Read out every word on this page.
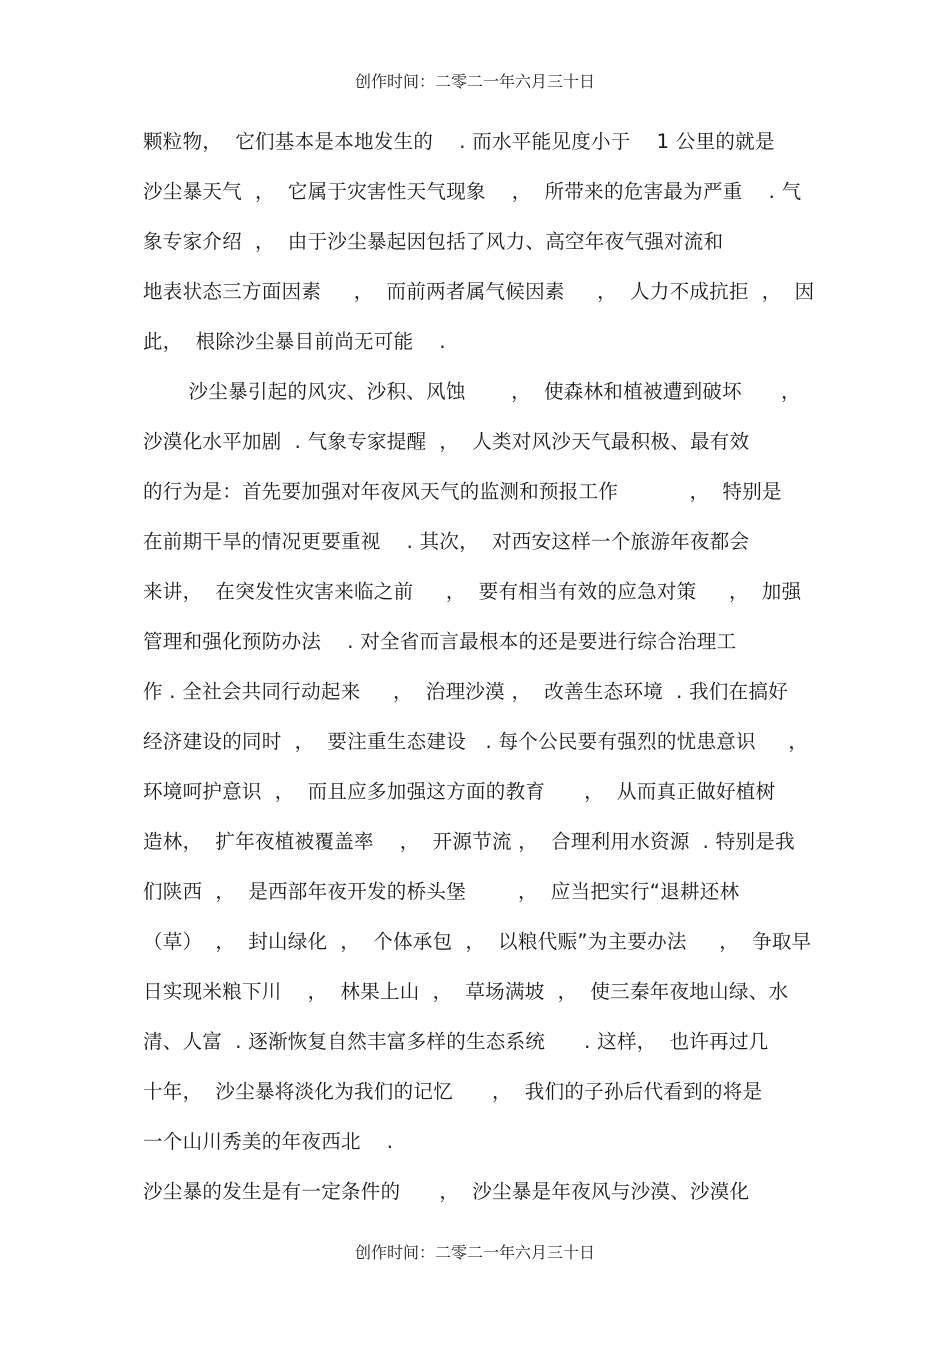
创作时间：二零二一年六月三十日
颗粒物，  它们基本是本地发生的    . 而水平能见度小于    1 公里的就是
沙尘暴天气  ，  它属于灾害性天气现象    ，  所带来的危害最为严重    . 气
象专家介绍  ，  由于沙尘暴起因包括了风力、高空年夜气强对流和
地表状态三方面因素     ，  而前两者属气候因素     ，  人力不成抗拒  ，  因
此，  根除沙尘暴目前尚无可能    .
沙尘暴引起的风灾、沙积、风蚀       ，  使森林和植被遭到破坏      ，
沙漠化水平加剧  . 气象专家提醒  ，  人类对风沙天气最积极、最有效
的行为是：首先要加强对年夜风天气的监测和预报工作           ，  特别是
在前期干旱的情况更要重视    . 其次，  对西安这样一个旅游年夜都会
来讲，  在突发性灾害来临之前     ，  要有相当有效的应急对策     ，  加强
管理和强化预防办法    . 对全省而言最根本的还是要进行综合治理工
作 . 全社会共同行动起来     ，  治理沙漠 ，  改善生态环境  . 我们在搞好
经济建设的同时  ，  要注重生态建设   . 每个公民要有强烈的忧患意识     ，
环境呵护意识  ，  而且应多加强这方面的教育      ，  从而真正做好植树
造林，  扩年夜植被覆盖率    ，  开源节流 ，  合理利用水资源  . 特别是我
们陕西  ，  是西部年夜开发的桥头堡        ，  应当把实行“退耕还林
（草）  ，  封山绿化  ，  个体承包  ，  以粮代赈”为主要办法     ，  争取早
日实现米粮下川    ，  林果上山  ，  草场满坡  ，  使三秦年夜地山绿、水
清、人富  . 逐渐恢复自然丰富多样的生态系统      . 这样，  也许再过几
十年，  沙尘暴将淡化为我们的记忆      ，  我们的子孙后代看到的将是
一个山川秀美的年夜西北    .
沙尘暴的发生是有一定条件的      ，  沙尘暴是年夜风与沙漠、沙漠化
创作时间：二零二一年六月三十日
